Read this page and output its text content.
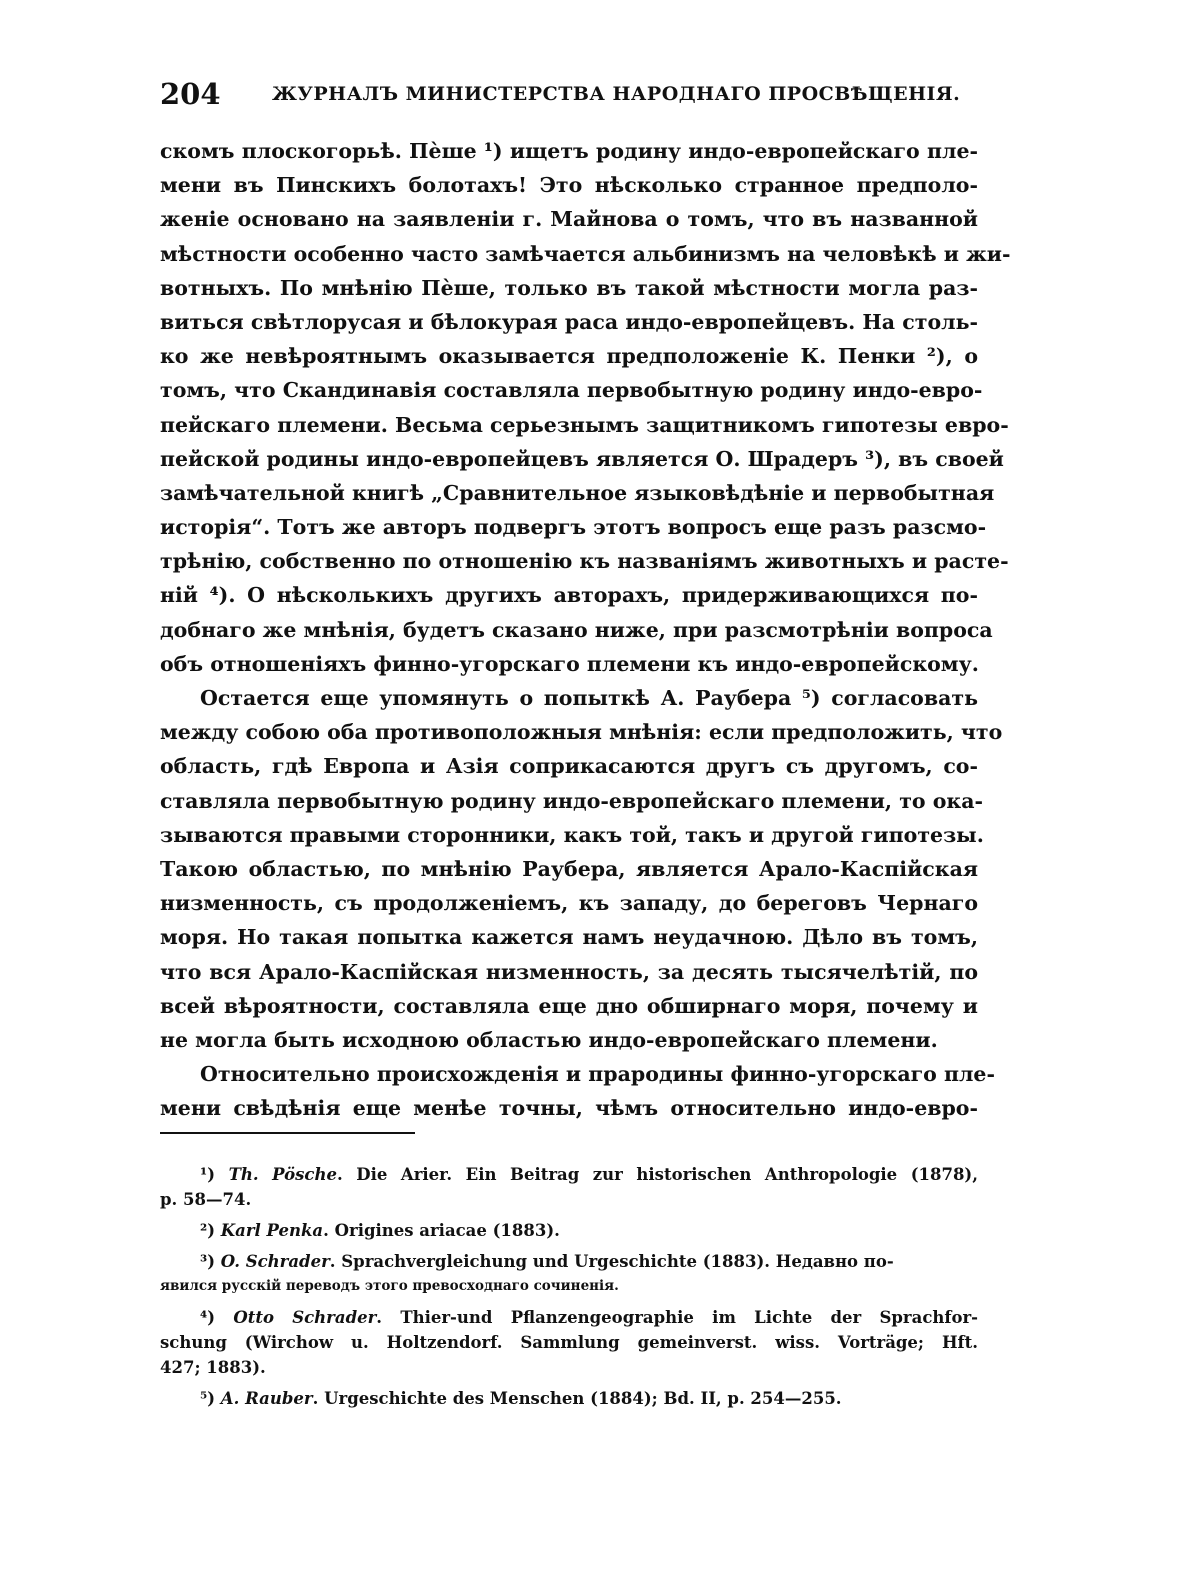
204	ЖУРНАЛЪ МИНИСТЕРСТВА НАРОДНАГО ПРОСВѢЩЕНІЯ.
скомъ плоскогорьѣ. Пѐше ¹) ищетъ родину индо-европейскаго пле-
мени въ Пинскихъ болотахъ! Это нѣсколько странное предполо-
женіе основано на заявленіи г. Майнова о томъ, что въ названной
мѣстности особенно часто замѣчается альбинизмъ на человѣкѣ и жи-
вотныхъ. По мнѣнію Пѐше, только въ такой мѣстности могла раз-
виться свѣтлорусая и бѣлокурая раса индо-европейцевъ. На столь-
ко же невѣроятнымъ оказывается предположеніе К. Пенки ²), о
томъ, что Скандинавія составляла первобытную родину индо-евро-
пейскаго племени. Весьма серьезнымъ защитникомъ гипотезы евро-
пейской родины индо-европейцевъ является О. Шрадеръ ³), въ своей
замѣчательной книгѣ „Сравнительное языковѣдѣніе и первобытная
исторія“. Тотъ же авторъ подвергъ этотъ вопросъ еще разъ разсмо-
трѣнію, собственно по отношенію къ названіямъ животныхъ и расте-
ній ⁴). О нѣсколькихъ другихъ авторахъ, придерживающихся по-
добнаго же мнѣнія, будетъ сказано ниже, при разсмотрѣніи вопроса
объ отношеніяхъ финно-угорскаго племени къ индо-европейскому.
Остается еще упомянуть о попыткѣ А. Раубера ⁵) согласовать
между собою оба противоположныя мнѣнія: если предположить, что
область, гдѣ Европа и Азія соприкасаются другъ съ другомъ, со-
ставляла первобытную родину индо-европейскаго племени, то ока-
зываются правыми сторонники, какъ той, такъ и другой гипотезы.
Такою областью, по мнѣнію Раубера, является Арало-Каспійская
низменность, съ продолженіемъ, къ западу, до береговъ Чернаго
моря. Но такая попытка кажется намъ неудачною. Дѣло въ томъ,
что вся Арало-Каспійская низменность, за десять тысячелѣтій, по
всей вѣроятности, составляла еще дно обширнаго моря, почему и
не могла быть исходною областью индо-европейскаго племени.
Относительно происхожденія и прародины финно-угорскаго пле-
мени свѣдѣнія еще менѣе точны, чѣмъ относительно индо-евро-
¹) Th. Pösche. Die Arier. Ein Beitrag zur historischen Anthropologie (1878),
p. 58—74.
²) Karl Penka. Origines ariacae (1883).
³) O. Schrader. Sprachvergleichung und Urgeschichte (1883). Недавно по-
явился русскій переводъ этого превосходнаго сочиненія.
⁴) Otto Schrader. Thier-und Pflanzengeographie im Lichte der Sprachfor-
schung (Wirchow u. Holtzendorf. Sammlung gemeinverst. wiss. Vorträge; Hft.
427; 1883).
⁵) A. Rauber. Urgeschichte des Menschen (1884); Bd. II, p. 254—255.
